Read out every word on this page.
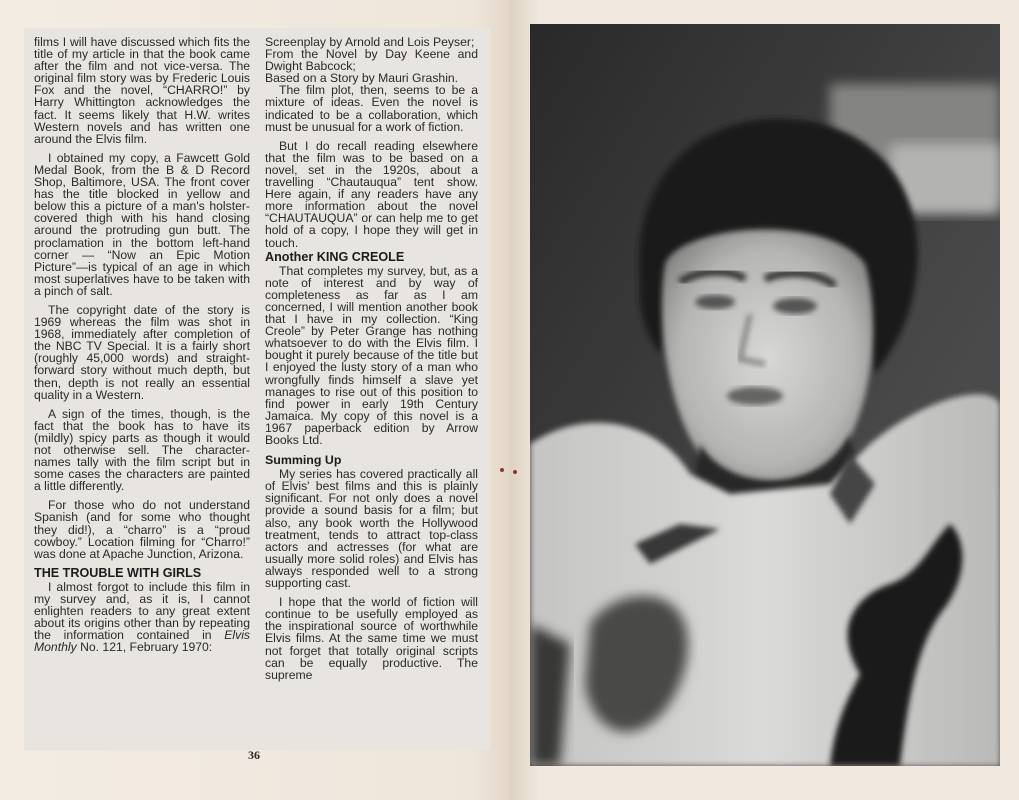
films I will have discussed which fits the title of my article in that the book came after the film and not vice-versa. The original film story was by Frederic Louis Fox and the novel, “CHARRO!” by Harry Whittington acknowledges the fact. It seems likely that H.W. writes Western novels and has written one around the Elvis film.

I obtained my copy, a Fawcett Gold Medal Book, from the B & D Record Shop, Baltimore, USA. The front cover has the title blocked in yellow and below this a picture of a man's holster-covered thigh with his hand closing around the protruding gun butt. The proclamation in the bottom left-hand corner — “Now an Epic Motion Picture”—is typical of an age in which most superlatives have to be taken with a pinch of salt.

The copyright date of the story is 1969 whereas the film was shot in 1968, immediately after completion of the NBC TV Special. It is a fairly short (roughly 45,000 words) and straight-forward story without much depth, but then, depth is not really an essential quality in a Western.

A sign of the times, though, is the fact that the book has to have its (mildly) spicy parts as though it would not otherwise sell. The character-names tally with the film script but in some cases the characters are painted a little differently.

For those who do not understand Spanish (and for some who thought they did!), a “charro” is a “proud cowboy.” Location filming for “Charro!” was done at Apache Junction, Arizona.

THE TROUBLE WITH GIRLS

I almost forgot to include this film in my survey and, as it is, I cannot enlighten readers to any great extent about its origins other than by repeating the information contained in Elvis Monthly No. 121, February 1970:

Screenplay by Arnold and Lois Peyser;

From the Novel by Day Keene and Dwight Babcock;

Based on a Story by Mauri Grashin.

The film plot, then, seems to be a mixture of ideas. Even the novel is indicated to be a collaboration, which must be unusual for a work of fiction.

But I do recall reading elsewhere that the film was to be based on a novel, set in the 1920s, about a travelling “Chautauqua” tent show. Here again, if any readers have any more information about the novel “CHAUTAUQUA” or can help me to get hold of a copy, I hope they will get in touch.

Another KING CREOLE

That completes my survey, but, as a note of interest and by way of completeness as far as I am concerned, I will mention another book that I have in my collection. “King Creole” by Peter Grange has nothing whatsoever to do with the Elvis film. I bought it purely because of the title but I enjoyed the lusty story of a man who wrongfully finds himself a slave yet manages to rise out of this position to find power in early 19th Century Jamaica. My copy of this novel is a 1967 paperback edition by Arrow Books Ltd.

Summing Up

My series has covered practically all of Elvis' best films and this is plainly significant. For not only does a novel provide a sound basis for a film; but also, any book worth the Hollywood treatment, tends to attract top-class actors and actresses (for what are usually more solid roles) and Elvis has always responded well to a strong supporting cast.

I hope that the world of fiction will continue to be usefully employed as the inspirational source of worthwhile Elvis films. At the same time we must not forget that totally original scripts can be equally productive. The supreme

36
